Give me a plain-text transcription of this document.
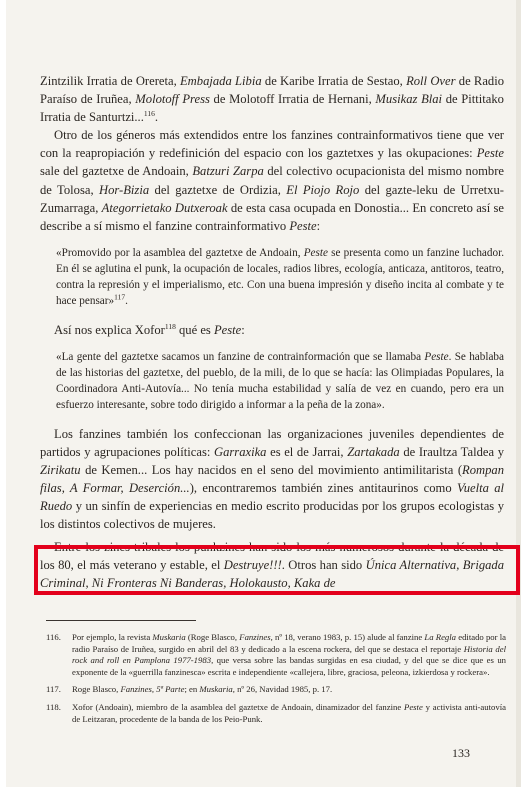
Zintzilik Irratia de Orereta, Embajada Libia de Karibe Irratia de Sestao, Roll Over de Radio Paraíso de Iruñea, Molotoff Press de Molotoff Irratia de Hernani, Musikaz Blai de Pittitako Irratia de Santurtzi...$^{116}$.

Otro de los géneros más extendidos entre los fanzines contrainformativos tiene que ver con la reapropiación y redefinición del espacio con los gaztetxes y las okupaciones: Peste sale del gaztetxe de Andoain, Batzuri Zarpa del colectivo ocupacionista del mismo nombre de Tolosa, Hor-Bizia del gaztetxe de Ordizia, El Piojo Rojo del gazte-leku de Urretxu-Zumarraga, Ategorrietako Dutxeroak de esta casa ocupada en Donostia... En concreto así se describe a sí mismo el fanzine contrainformativo Peste:

«Promovido por la asamblea del gaztetxe de Andoain, Peste se presenta como un fanzine luchador. En él se aglutina el punk, la ocupación de locales, radios libres, ecología, anticaza, antitoros, teatro, contra la represión y el imperialismo, etc. Con una buena impresión y diseño incita al combate y te hace pensar»$^{117}$.

Así nos explica Xofor$^{118}$ qué es Peste:

«La gente del gaztetxe sacamos un fanzine de contrainformación que se llamaba Peste. Se hablaba de las historias del gaztetxe, del pueblo, de la mili, de lo que se hacía: las Olimpiadas Populares, la Coordinadora Anti-Autovía... No tenía mucha estabilidad y salía de vez en cuando, pero era un esfuerzo interesante, sobre todo dirigido a informar a la peña de la zona».

Los fanzines también los confeccionan las organizaciones juveniles dependientes de partidos y agrupaciones políticas: Garraxika es el de Jarrai, Zartakada de Iraultza Taldea y Zirikatu de Kemen... Los hay nacidos en el seno del movimiento antimilitarista (Rompan filas, A Formar, Deserción...), encontraremos también zines antitaurinos como Vuelta al Ruedo y un sinfín de experiencias en medio escrito producidas por los grupos ecologistas y los distintos colectivos de mujeres.

Entre los zines tribales los punkzines han sido los más numerosos durante la década de los 80, el más veterano y estable, el Destruye!!!. Otros han sido Única Alternativa, Brigada Criminal, Ni Fronteras Ni Banderas, Holokausto, Kaka de

116. Por ejemplo, la revista Muskaria (Roge Blasco, Fanzines, nº 18, verano 1983, p. 15) alude al fanzine La Regla editado por la radio Paraíso de Iruñea, surgido en abril del 83 y dedicado a la escena rockera, del que se destaca el reportaje Historia del rock and roll en Pamplona 1977-1983, que versa sobre las bandas surgidas en esa ciudad, y del que se dice que es un exponente de la «guerrilla fanzinesca» escrita e independiente «callejera, libre, graciosa, peleona, izkierdosa y rockera».

117. Roge Blasco, Fanzines, 5ª Parte; en Muskaria, nº 26, Navidad 1985, p. 17.

118. Xofor (Andoain), miembro de la asamblea del gaztetxe de Andoain, dinamizador del fanzine Peste y activista anti-autovía de Leitzaran, procedente de la banda de los Peio-Punk.

133
